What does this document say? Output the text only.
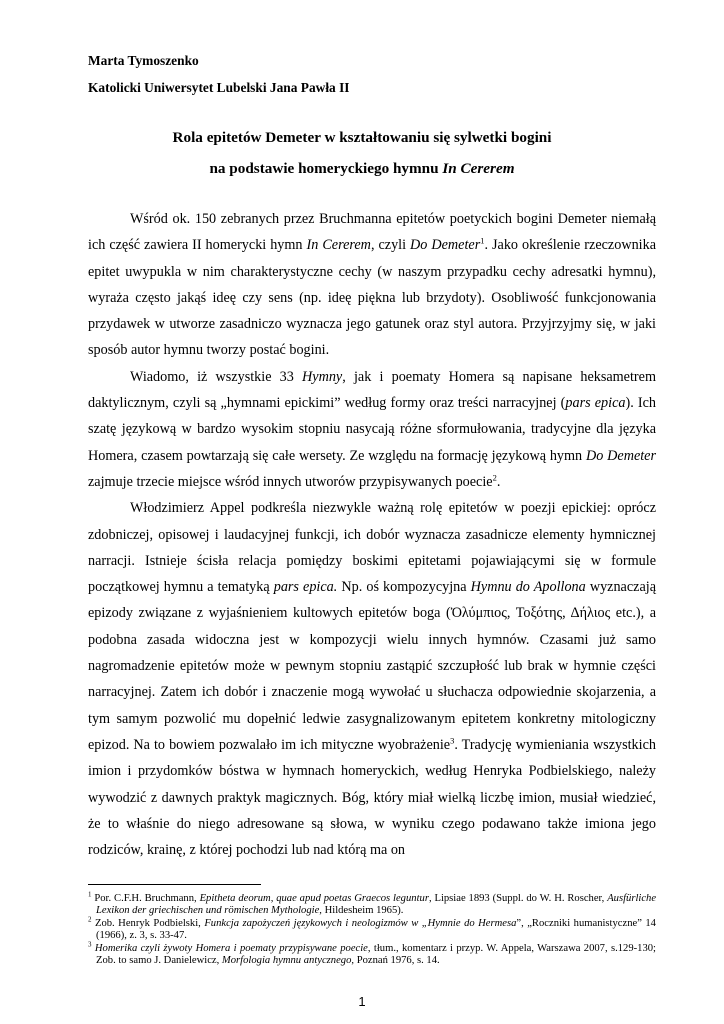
Marta Tymoszenko
Katolicki Uniwersytet Lubelski Jana Pawła II
Rola epitetów Demeter w kształtowaniu się sylwetki bogini
na podstawie homeryckiego hymnu In Cererem

Wśród ok. 150 zebranych przez Bruchmanna epitetów poetyckich bogini Demeter niemałą ich część zawiera II homerycki hymn In Cererem, czyli Do Demeter$^1$. Jako określenie rzeczownika epitet uwypukla w nim charakterystyczne cechy (w naszym przypadku cechy adresatki hymnu), wyraża często jakąś ideę czy sens (np. ideę piękna lub brzydoty). Osobliwość funkcjonowania przydawek w utworze zasadniczo wyznacza jego gatunek oraz styl autora. Przyjrzyjmy się, w jaki sposób autor hymnu tworzy postać bogini.

Wiadomo, iż wszystkie 33 Hymny, jak i poematy Homera są napisane heksametrem daktylicznym, czyli są „hymnami epickimi” według formy oraz treści narracyjnej (pars epica). Ich szatę językową w bardzo wysokim stopniu nasycają różne sformułowania, tradycyjne dla języka Homera, czasem powtarzają się całe wersety. Ze względu na formację językową hymn Do Demeter zajmuje trzecie miejsce wśród innych utworów przypisywanych poecie$^2$.

Włodzimierz Appel podkreśla niezwykle ważną rolę epitetów w poezji epickiej: oprócz zdobniczej, opisowej i laudacyjnej funkcji, ich dobór wyznacza zasadnicze elementy hymnicznej narracji. Istnieje ścisła relacja pomiędzy boskimi epitetami pojawiającymi się w formule początkowej hymnu a tematyką pars epica. Np. oś kompozycyjna Hymnu do Apollona wyznaczają epizody związane z wyjaśnieniem kultowych epitetów boga (Ὀλύμπιος, Τοξότης, Δήλιος etc.), a podobna zasada widoczna jest w kompozycji wielu innych hymnów. Czasami już samo nagromadzenie epitetów może w pewnym stopniu zastąpić szczupłość lub brak w hymnie części narracyjnej. Zatem ich dobór i znaczenie mogą wywołać u słuchacza odpowiednie skojarzenia, a tym samym pozwolić mu dopełnić ledwie zasygnalizowanym epitetem konkretny mitologiczny epizod. Na to bowiem pozwalało im ich mityczne wyobrażenie$^3$. Tradycję wymieniania wszystkich imion i przydomków bóstwa w hymnach homeryckich, według Henryka Podbielskiego, należy wywodzić z dawnych praktyk magicznych. Bóg, który miał wielką liczbę imion, musiał wiedzieć, że to właśnie do niego adresowane są słowa, w wyniku czego podawano także imiona jego rodziców, krainę, z której pochodzi lub nad którą ma on

$^1$ Por. C.F.H. Bruchmann, Epitheta deorum, quae apud poetas Graecos leguntur, Lipsiae 1893 (Suppl. do W. H. Roscher, Ausfürliche Lexikon der griechischen und römischen Mythologie, Hildesheim 1965).

$^2$ Zob. Henryk Podbielski, Funkcja zapożyczeń językowych i neologizmów w „Hymnie do Hermesa”, „Roczniki humanistyczne” 14 (1966), z. 3, s. 33-47.

$^3$ Homerika czyli żywoty Homera i poematy przypisywane poecie, tłum., komentarz i przyp. W. Appela, Warszawa 2007, s.129-130; Zob. to samo J. Danielewicz, Morfologia hymnu antycznego, Poznań 1976, s. 14.

1
